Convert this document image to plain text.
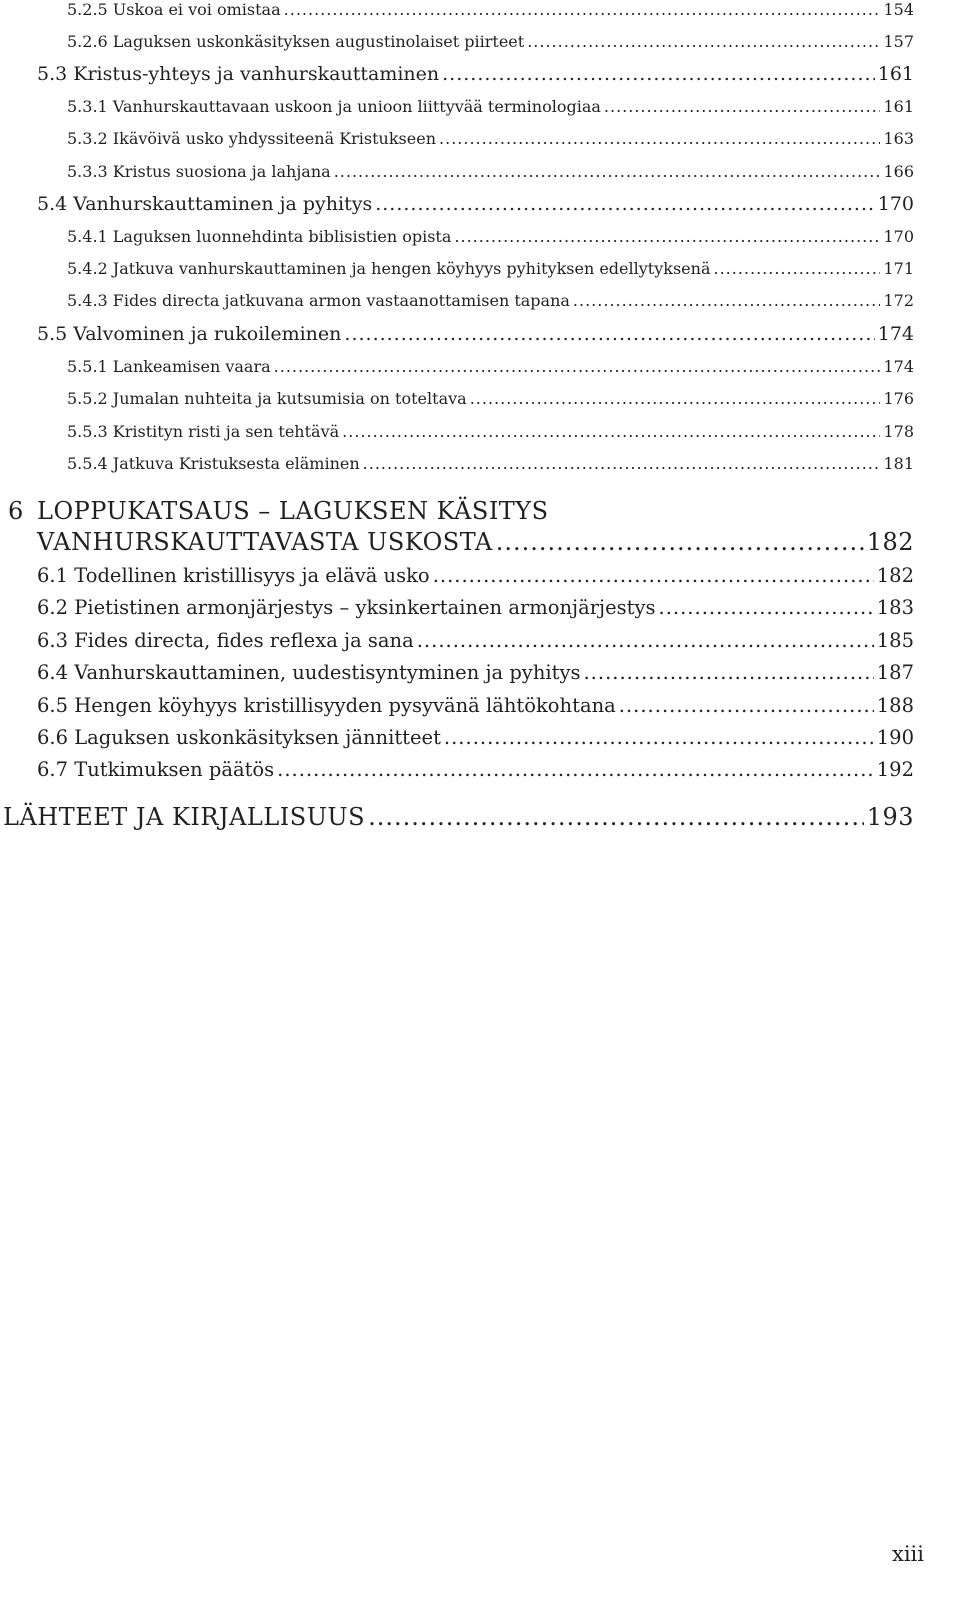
5.2.5 Uskoa ei voi omistaa .....	154
5.2.6 Laguksen uskonkäsityksen augustinolaiset piirteet .....	157
5.3 Kristus-yhteys ja vanhurskauttaminen .....	161
5.3.1 Vanhurskauttavaan uskoon ja unioon liittyvää terminologiaa .....	161
5.3.2 Ikävöivä usko yhdyssiteenä Kristukseen .....	163
5.3.3 Kristus suosiona ja lahjana .....	166
5.4 Vanhurskauttaminen ja pyhitys .....	170
5.4.1 Laguksen luonnehdinta biblisistien opista .....	170
5.4.2 Jatkuva vanhurskauttaminen ja hengen köyhyys pyhityksen edellytyksenä .....	171
5.4.3 Fides directa jatkuvana armon vastaanottamisen tapana .....	172
5.5 Valvominen ja rukoileminen .....	174
5.5.1 Lankeamisen vaara .....	174
5.5.2 Jumalan nuhteita ja kutsumisia on toteltava .....	176
5.5.3 Kristityn risti ja sen tehtävä .....	178
5.5.4 Jatkuva Kristuksesta eläminen .....	181
6 LOPPUKATSAUS – LAGUKSEN KÄSITYS
VANHURSKAUTTAVASTA USKOSTA .....	182
6.1 Todellinen kristillisyys ja elävä usko .....	182
6.2 Pietistinen armonjärjestys – yksinkertainen armonjärjestys .....	183
6.3 Fides directa, fides reflexa ja sana .....	185
6.4 Vanhurskauttaminen, uudestisyntyminen ja pyhitys .....	187
6.5 Hengen köyhyys kristillisyyden pysyvänä lähtökohtana .....	188
6.6 Laguksen uskonkäsityksen jännitteet .....	190
6.7 Tutkimuksen päätös .....	192
LÄHTEET JA KIRJALLISUUS .....	193
xiii
